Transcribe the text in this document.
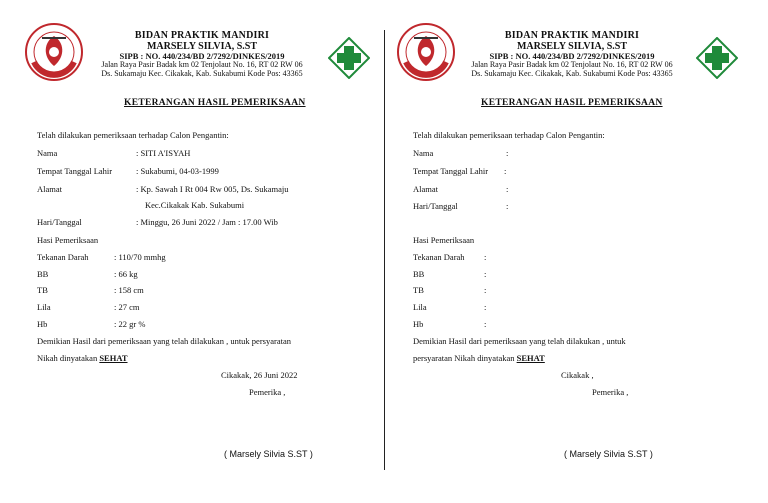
BIDAN PRAKTIK MANDIRI
MARSELY SILVIA, S.ST
SIPB : NO. 440/234/BD 2/7292/DINKES/2019
Jalan Raya Pasir Badak km 02 Tenjolaut No. 16, RT 02 RW 06
Ds. Sukamaju Kec. Cikakak, Kab. Sukabumi Kode Pos: 43365
KETERANGAN HASIL PEMERIKSAAN
Telah dilakukan pemeriksaan terhadap Calon Pengantin:
Nama	: SITI A'ISYAH
Tempat Tanggal Lahir	: Sukabumi, 04-03-1999
Alamat	: Kp. Sawah I Rt 004 Rw 005, Ds. Sukamaju
Kec.Cikakak Kab. Sukabumi
Hari/Tanggal	: Minggu, 26 Juni 2022 / Jam : 17.00 Wib
Hasi Pemeriksaan
Tekanan Darah	: 110/70 mmhg
BB	: 66 kg
TB	: 158 cm
Lila	: 27 cm
Hb	: 22 gr %
Demikian Hasil dari pemeriksaan yang telah dilakukan , untuk persyaratan
Nikah dinyatakan SEHAT
Cikakak, 26 Juni 2022
Pemerika ,
( Marsely Silvia S.ST )
BIDAN PRAKTIK MANDIRI
MARSELY SILVIA, S.ST
SIPB : NO. 440/234/BD 2/7292/DINKES/2019
Jalan Raya Pasir Badak km 02 Tenjolaut No. 16, RT 02 RW 06
Ds. Sukamaju Kec. Cikakak, Kab. Sukabumi Kode Pos: 43365
KETERANGAN HASIL PEMERIKSAAN
Telah dilakukan pemeriksaan terhadap Calon Pengantin:
Nama	:
Tempat Tanggal Lahir :
Alamat	:
Hari/Tanggal	:
Hasi Pemeriksaan
Tekanan Darah :
BB	:
TB	:
Lila	:
Hb	:
Demikian Hasil dari pemeriksaan yang telah dilakukan , untuk
persyaratan Nikah dinyatakan SEHAT
Cikakak ,
Pemerika ,
( Marsely Silvia S.ST )
